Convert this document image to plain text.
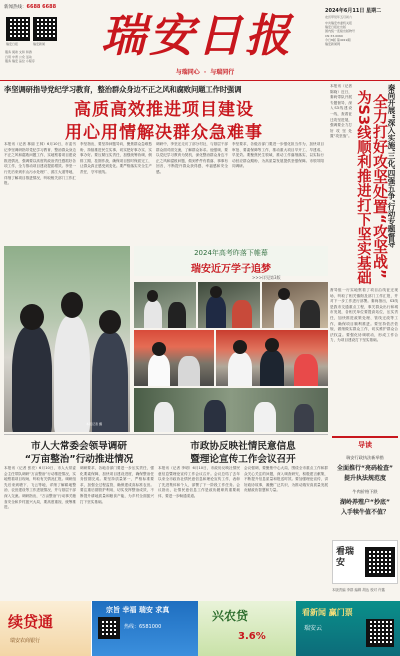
新闻热线：6688 6688
瑞安日报	瑞安新闻
服务 阅卷 文和 和游
日用 中青 公众 活动
服务 瑞安 品位 小程序	瑞安日报
与瑞同心 · 与瑞同行
2024年6月11日 星期二
农历甲辰年五月初六
中共瑞安市委机关报
瑞安日报社出版
国内统一连续出版物号
CN 33-0069
今日8版 第4919期
瑞安新闻网
李坚调研指导党纪学习教育，整治群众身边不正之风和腐败问题工作时强调
高质高效推进项目建设
用心用情解决群众急难事
本报讯（记者 林丽 王林）6月10日，市委书记李坚调研指导党纪学习教育、整治群众身边不正之风和腐败问题工作，实地察看项目建设推进情况，强调要以高度的政治责任感抓好各项工作，全力推动项目建设提质增效。李坚一行先后来到东山污水处理厂、滨江大道等地，详细了解项目推进情况，听取相关部门工作汇报。
李坚指出，要坚持问题导向，聚焦群众急难愁盼，持续推进民生实事，切实把好事办实、实事办好。要压紧压实责任，加强统筹协调，倒排工期、挂图作战，确保项目按时保质完工，让群众真正感受到变化。要严格落实安全生产责任，守牢底线。
调研中，李坚还走访了部分村社，与基层干部群众面对面交流，了解群众诉求。他强调，要以党纪学习教育为契机，深化整治群众身边不正之风和腐败问题，做到件件有着落、事事有回音，不断提升群众获得感、幸福感和安全感。
李坚要求，各级各部门要进一步强化担当作为，加快项目审批、要素保障等工作，推动重大项目早开工、早建成、早见效。要聚焦民生领域，推动工作落细落实，以实际行动回应群众期盼，为高质量发展提供坚强保障。市领导陪同调研。	秦尚开展“深入实施‘三化’四强五争’行动专题督导
全力打好攻坚处置“攻坚战”
为S3线顺利推进打下坚实基础
本报讯（记者 陈晓）近日，秦尚带队开展专题督导，深入S3线建设一线，查看征迁攻坚进展，强调要全力打好攻坚处置“攻坚战”。
督导组一行实地察看了项目沿线征迁现场，听取了相关镇街及部门工作汇报，并对下一步工作进行部署。秦尚指出，S3线是我市交通重点工程，事关群众出行和城市发展，各相关单位要提高站位，压实责任，加快推进政策处理、管线迁改等工作，确保项目顺利推进。要坚持依法依规，做细做实群众工作，切实维护群众合法权益。要强化协调联动，形成工作合力，为项目建设打下坚实基础。
本报记者 摄
2024年高考昨落下帷幕
瑞安近万学子追梦
>>>详见第3版
市人大常委会领导调研
“万亩整治”行动推进情况
本报讯（记者 张亮）6月10日，市人大常委会主任带队调研“万亩整治”行动推进情况，实地察看项目现场，听取有关情况汇报。调研组先后来到塘下、飞云等地，详细了解耕地整治、农田建设等工作进展情况，并与基层干部深入交流。调研指出，“万亩整治”行动事关粮食安全和乡村振兴大局，要高度重视、统筹推进。
调研要求，各地各部门要进一步压实责任，强化要素保障，加快项目建设进度，确保整治任务按期完成。要坚持质量第一，严格标准要求，加强全过程监管，确保建成高标准农田。要注重后期管护利用，切实发挥整治成效，不断提升耕地质量和粮食产能，为乡村全面振兴打下坚实基础。
市政协反映社情民意信息
暨理论宣传工作会议召开
本报讯（记者 李明）6月10日，市政协反映社情民意信息暨理论宣传工作会议召开。会议总结了去年以来全市政协社情民意信息和理论宣传工作，表彰了先进集体和个人，部署了下一阶段工作任务。会议指出，社情民意信息工作是政协履职的重要载体，要进一步畅通渠道。
会议强调，要聚焦中心大局，围绕全市重点工作和群众关心关注的问题，深入调查研究，积极建言献策，不断提升信息质量和报送时效。要加强理论宣传，讲好政协故事，凝聚广泛共识，为推动瑞安高质量发展贡献政协智慧和力量。
导读
瑞安行政执法新举措
全面推行“亮码检查”
提升执法规范度
牛肉价格下跌
湖岭养殖户“抄底”
入手犊牛值不值？
看瑞
安
本版责编 李群 编辑 胡达 校对 许鑫
续贷通
瑞安农商银行
宗旨 幸福 瑞安 求真
热线：6581000
兴农贷
3.6%
看新闻 赢门票
瑞安云
